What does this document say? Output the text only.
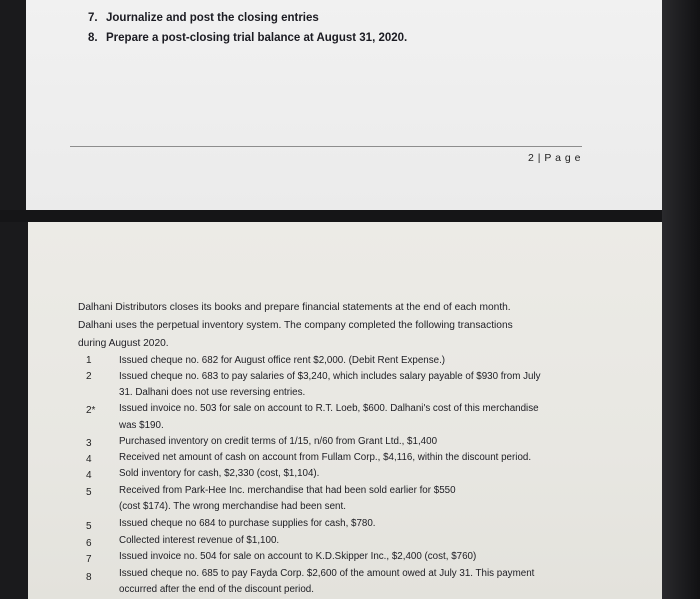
7. Journalize and post the closing entries
8. Prepare a post-closing trial balance at August 31, 2020.
2 | P a g e
Dalhani Distributors closes its books and prepare financial statements at the end of each month.
Dalhani uses the perpetual inventory system. The company completed the following transactions
during August 2020.
1	Issued cheque no. 682 for August office rent $2,000. (Debit Rent Expense.)
2	Issued cheque no. 683 to pay salaries of $3,240, which includes salary payable of $930 from July
31. Dalhani does not use reversing entries.
2* Issued invoice no. 503 for sale on account to R.T. Loeb, $600. Dalhani's cost of this merchandise
was $190.
3	Purchased inventory on credit terms of 1/15, n/60 from Grant Ltd., $1,400
4	Received net amount of cash on account from Fullam Corp., $4,116, within the discount period.
4	Sold inventory for cash, $2,330 (cost, $1,104).
5	Received from Park-Hee Inc. merchandise that had been sold earlier for $550
(cost $174). The wrong merchandise had been sent.
5	Issued cheque no 684 to purchase supplies for cash, $780.
6	Collected interest revenue of $1,100.
7	Issued invoice no. 504 for sale on account to K.D.Skipper Inc., $2,400 (cost, $760)
8	Issued cheque no. 685 to pay Fayda Corp. $2,600 of the amount owed at July 31. This payment
occurred after the end of the discount period.
